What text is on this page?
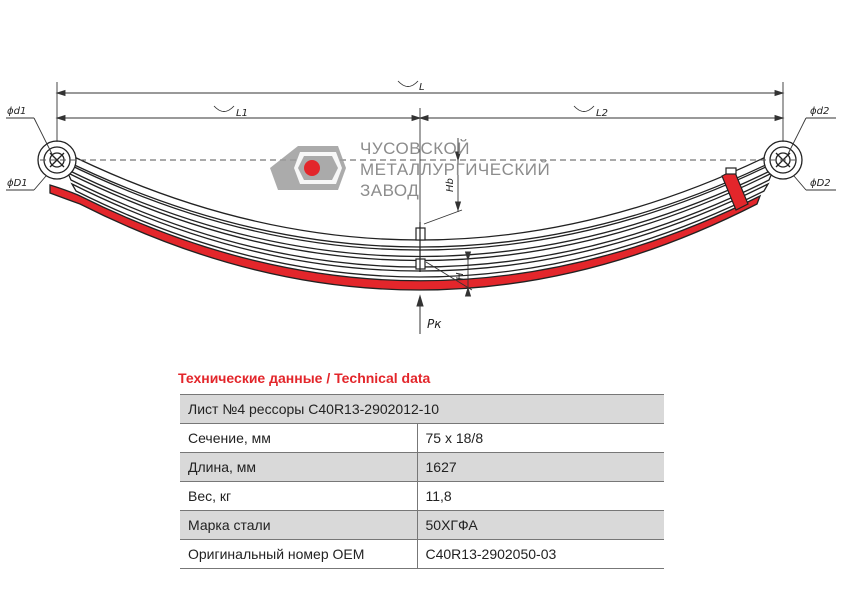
L
L1	L2
ϕd1
ϕD1
ϕd2
ϕD2
Hb
H
Pк
ЧУСОВСКОЙ
МЕТАЛЛУРГИЧЕСКИЙ
ЗАВОД
Технические данные / Technical data
Лист №4 рессоры С40R13-2902012-10	
Сечение, мм	75 x 18/8
Длина, мм	1627
Вес, кг	11,8
Марка стали	50ХГФА
Оригинальный номер OEM	C40R13-2902050-03
